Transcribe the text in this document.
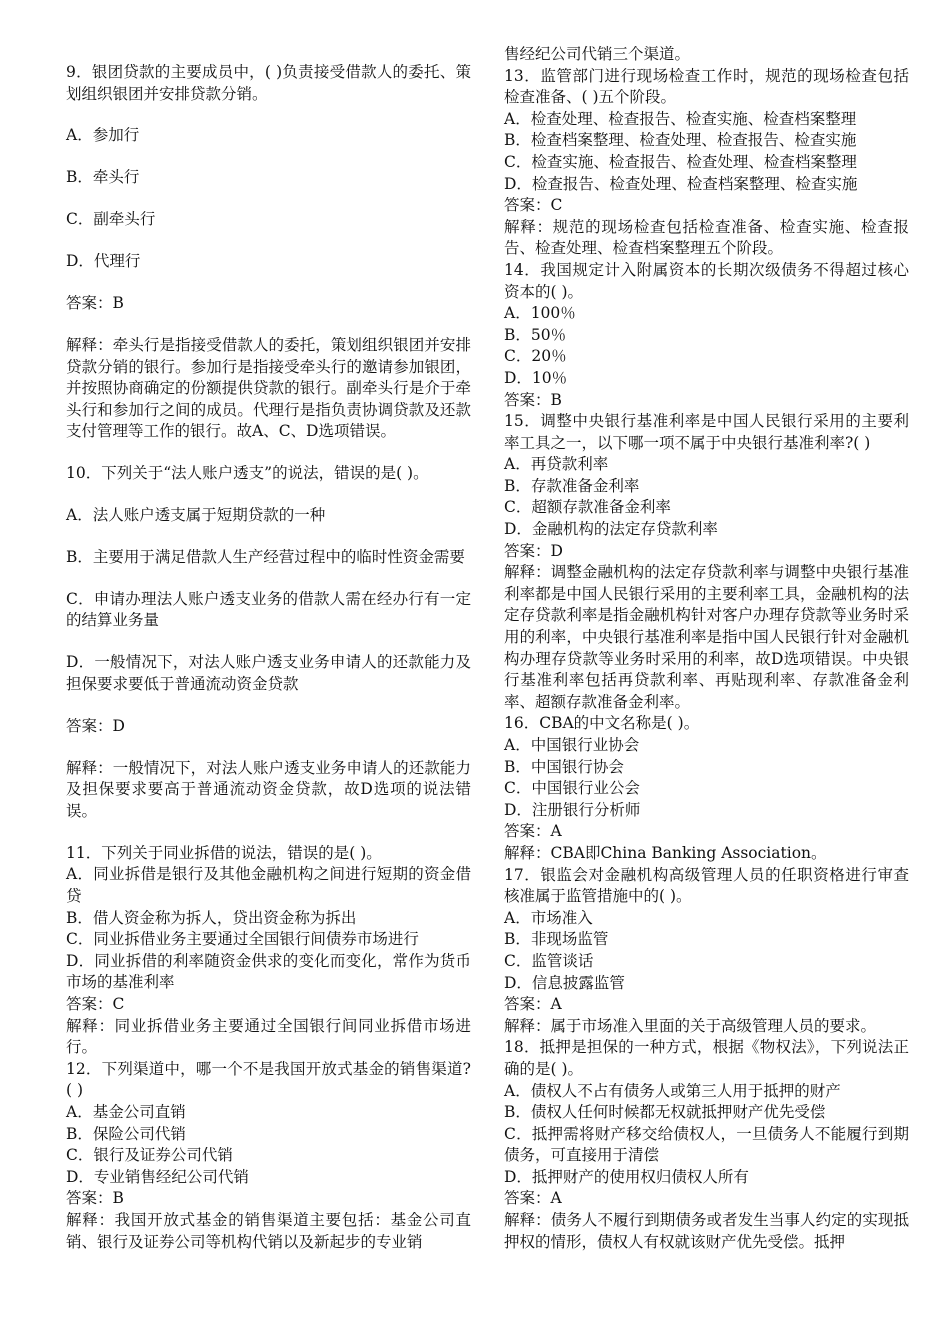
9．银团贷款的主要成员中，( )负责接受借款人的委托、策划组织银团并安排贷款分销。

A．参加行

B．牵头行

C．副牵头行

D．代理行

答案：B

解释：牵头行是指接受借款人的委托，策划组织银团并安排贷款分销的银行。参加行是指接受牵头行的邀请参加银团，并按照协商确定的份额提供贷款的银行。副牵头行是介于牵头行和参加行之间的成员。代理行是指负责协调贷款及还款支付管理等工作的银行。故A、C、D选项错误。

10．下列关于“法人账户透支”的说法，错误的是( )。

A．法人账户透支属于短期贷款的一种

B．主要用于满足借款人生产经营过程中的临时性资金需要

C．申请办理法人账户透支业务的借款人需在经办行有一定的结算业务量

D．一般情况下，对法人账户透支业务申请人的还款能力及担保要求要低于普通流动资金贷款

答案：D

解释：一般情况下，对法人账户透支业务申请人的还款能力及担保要求要高于普通流动资金贷款，故D选项的说法错误。

11．下列关于同业拆借的说法，错误的是( )。

A．同业拆借是银行及其他金融机构之间进行短期的资金借贷

B．借人资金称为拆人，贷出资金称为拆出

C．同业拆借业务主要通过全国银行间债券市场进行

D．同业拆借的利率随资金供求的变化而变化，常作为货币市场的基准利率

答案：C

解释：同业拆借业务主要通过全国银行间同业拆借市场进行。

12．下列渠道中，哪一个不是我国开放式基金的销售渠道?( )

A．基金公司直销

B．保险公司代销

C．银行及证券公司代销

D．专业销售经纪公司代销

答案：B

解释：我国开放式基金的销售渠道主要包括：基金公司直销、银行及证券公司等机构代销以及新起步的专业销

售经纪公司代销三个渠道。

13．监管部门进行现场检查工作时，规范的现场检查包括检查准备、( )五个阶段。

A．检查处理、检查报告、检查实施、检查档案整理

B．检查档案整理、检查处理、检查报告、检查实施

C．检查实施、检查报告、检查处理、检查档案整理

D．检查报告、检查处理、检查档案整理、检查实施

答案：C

解释：规范的现场检查包括检查准备、检查实施、检查报告、检查处理、检查档案整理五个阶段。

14．我国规定计入附属资本的长期次级债务不得超过核心资本的( )。

A．100％

B．50％

C．20％

D．10％

答案：B

15．调整中央银行基准利率是中国人民银行采用的主要利率工具之一，以下哪一项不属于中央银行基准利率?( )

A．再贷款利率

B．存款准备金利率

C．超额存款准备金利率

D．金融机构的法定存贷款利率

答案：D

解释：调整金融机构的法定存贷款利率与调整中央银行基准利率都是中国人民银行采用的主要利率工具，金融机构的法定存贷款利率是指金融机构针对客户办理存贷款等业务时采用的利率，中央银行基准利率是指中国人民银行针对金融机构办理存贷款等业务时采用的利率，故D选项错误。中央银行基准利率包括再贷款利率、再贴现利率、存款准备金利率、超额存款准备金利率。

16．CBA的中文名称是( )。

A．中国银行业协会

B．中国银行协会

C．中国银行业公会

D．注册银行分析师

答案：A

解释：CBA即China Banking Association。

17．银监会对金融机构高级管理人员的任职资格进行审查核准属于监管措施中的( )。

A．市场准入

B．非现场监管

C．监管谈话

D．信息披露监管

答案：A

解释：属于市场准入里面的关于高级管理人员的要求。

18．抵押是担保的一种方式，根据《物权法》，下列说法正确的是( )。

A．债权人不占有债务人或第三人用于抵押的财产

B．债权人任何时候都无权就抵押财产优先受偿

C．抵押需将财产移交给债权人，一旦债务人不能履行到期债务，可直接用于清偿

D．抵押财产的使用权归债权人所有

答案：A

解释：债务人不履行到期债务或者发生当事人约定的实现抵押权的情形，债权人有权就该财产优先受偿。抵押
